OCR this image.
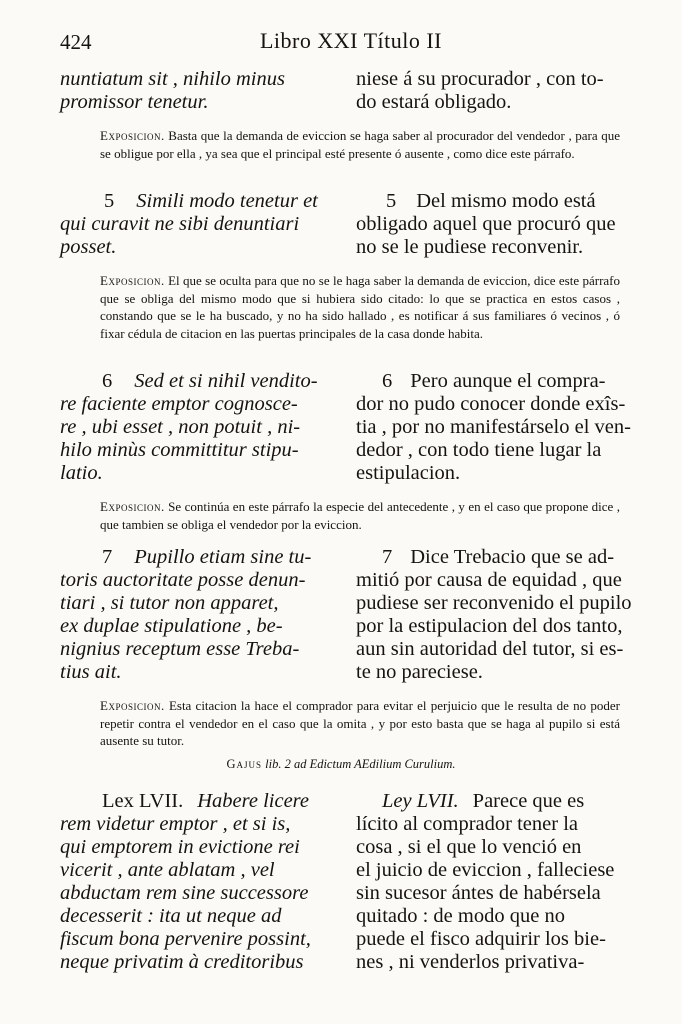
424	Libro XXI Título II

nuntiatum sit , nihilo minus

promissor tenetur.

niese á su procurador , con to-

do estará obligado.

Exposicion. Basta que la demanda de eviccion se haga saber al procurador del vendedor , para que se obligue por ella , ya sea que el principal esté presente ó ausente , como dice este párrafo.

5 Simili modo tenetur et

qui curavit ne sibi denuntiari

posset.

5 Del mismo modo está

obligado aquel que procuró que

no se le pudiese reconvenir.

Exposicion. El que se oculta para que no se le haga saber la demanda de eviccion, dice este párrafo que se obliga del mismo modo que si hubiera sido citado: lo que se practica en estos casos , constando que se le ha buscado, y no ha sido hallado , es notificar á sus familiares ó vecinos , ó fixar cédula de citacion en las puertas principales de la casa donde habita.

6 Sed et si nihil vendito-

re faciente emptor cognosce-

re , ubi esset , non potuit , ni-

hilo minùs committitur stipu-

latio.

6 Pero aunque el compra-

dor no pudo conocer donde exîs-

tia , por no manifestárselo el ven-

dedor , con todo tiene lugar la

estipulacion.

Exposicion. Se continúa en este párrafo la especie del antecedente , y en el caso que propone dice , que tambien se obliga el vendedor por la eviccion.

7 Pupillo etiam sine tu-

toris auctoritate posse denun-

tiari , si tutor non apparet,

ex duplae stipulatione , be-

nignius receptum esse Treba-

tius ait.

7 Dice Trebacio que se ad-

mitió por causa de equidad , que

pudiese ser reconvenido el pupilo

por la estipulacion del dos tanto,

aun sin autoridad del tutor, si es-

te no pareciese.

Exposicion. Esta citacion la hace el comprador para evitar el perjuicio que le resulta de no poder repetir contra el vendedor en el caso que la omita , y por esto basta que se haga al pupilo si está ausente su tutor.
Gajus lib. 2 ad Edictum AEdilium Curulium.

Lex LVII. Habere licere

rem videtur emptor , et si is,

qui emptorem in evictione rei

vicerit , ante ablatam , vel

abductam rem sine successore

decesserit : ita ut neque ad

fiscum bona pervenire possint,

neque privatim à creditoribus

Ley LVII. Parece que es

lícito al comprador tener la

cosa , si el que lo venció en

el juicio de eviccion , falleciese

sin sucesor ántes de habérsela

quitado : de modo que no

puede el fisco adquirir los bie-

nes , ni venderlos privativa-
